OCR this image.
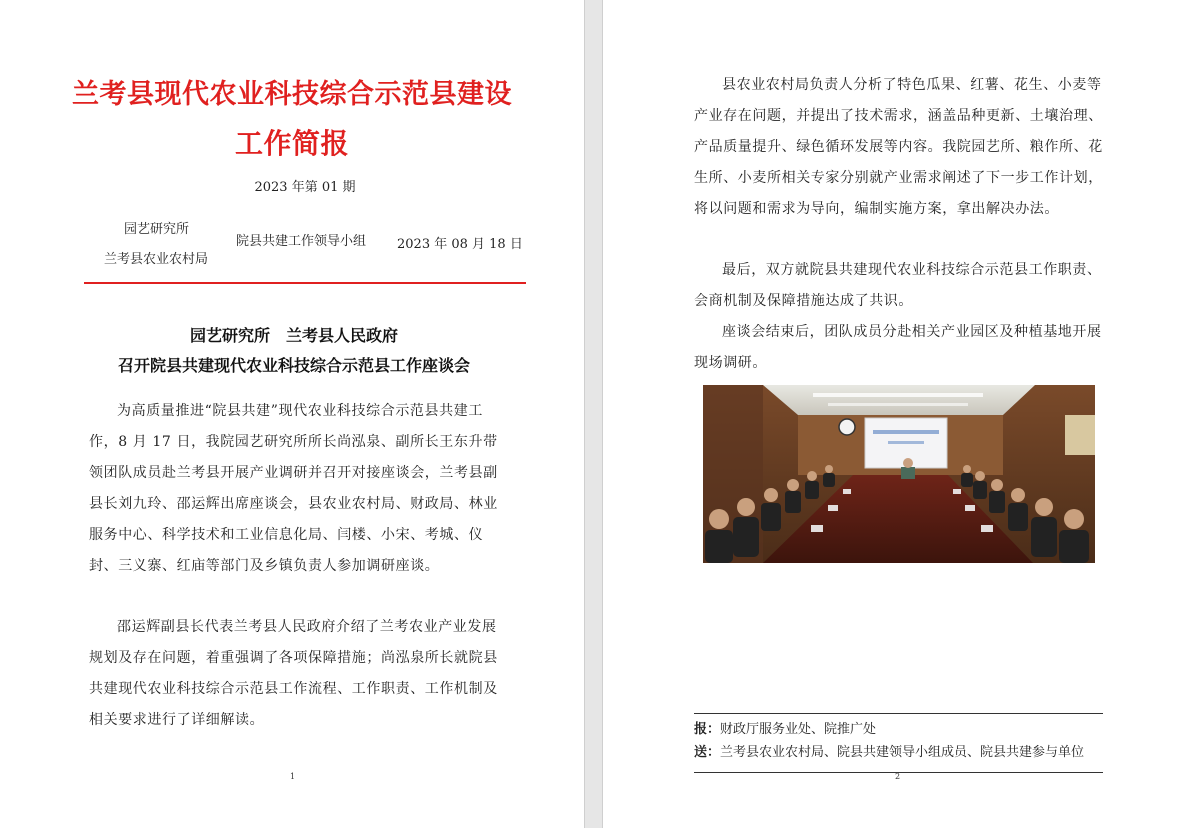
兰考县现代农业科技综合示范县建设
工作简报
2023 年第 01 期
园艺研究所
兰考县农业农村局
院县共建工作领导小组 2023 年 08 月 18 日
园艺研究所　兰考县人民政府
召开院县共建现代农业科技综合示范县工作座谈会
为高质量推进“院县共建”现代农业科技综合示范县共建工作，8 月 17 日，我院园艺研究所所长尚泓泉、副所长王东升带领团队成员赴兰考县开展产业调研并召开对接座谈会，兰考县副县长刘九玲、邵运辉出席座谈会，县农业农村局、财政局、林业服务中心、科学技术和工业信息化局、闫楼、小宋、考城、仪封、三义寨、红庙等部门及乡镇负责人参加调研座谈。
邵运辉副县长代表兰考县人民政府介绍了兰考农业产业发展规划及存在问题，着重强调了各项保障措施；尚泓泉所长就院县共建现代农业科技综合示范县工作流程、工作职责、工作机制及相关要求进行了详细解读。
1
县农业农村局负责人分析了特色瓜果、红薯、花生、小麦等产业存在问题，并提出了技术需求，涵盖品种更新、土壤治理、产品质量提升、绿色循环发展等内容。我院园艺所、粮作所、花生所、小麦所相关专家分别就产业需求阐述了下一步工作计划，将以问题和需求为导向，编制实施方案，拿出解决办法。
最后，双方就院县共建现代农业科技综合示范县工作职责、会商机制及保障措施达成了共识。
座谈会结束后，团队成员分赴相关产业园区及种植基地开展现场调研。
报：财政厅服务业处、院推广处
送：兰考县农业农村局、院县共建领导小组成员、院县共建参与单位
2
